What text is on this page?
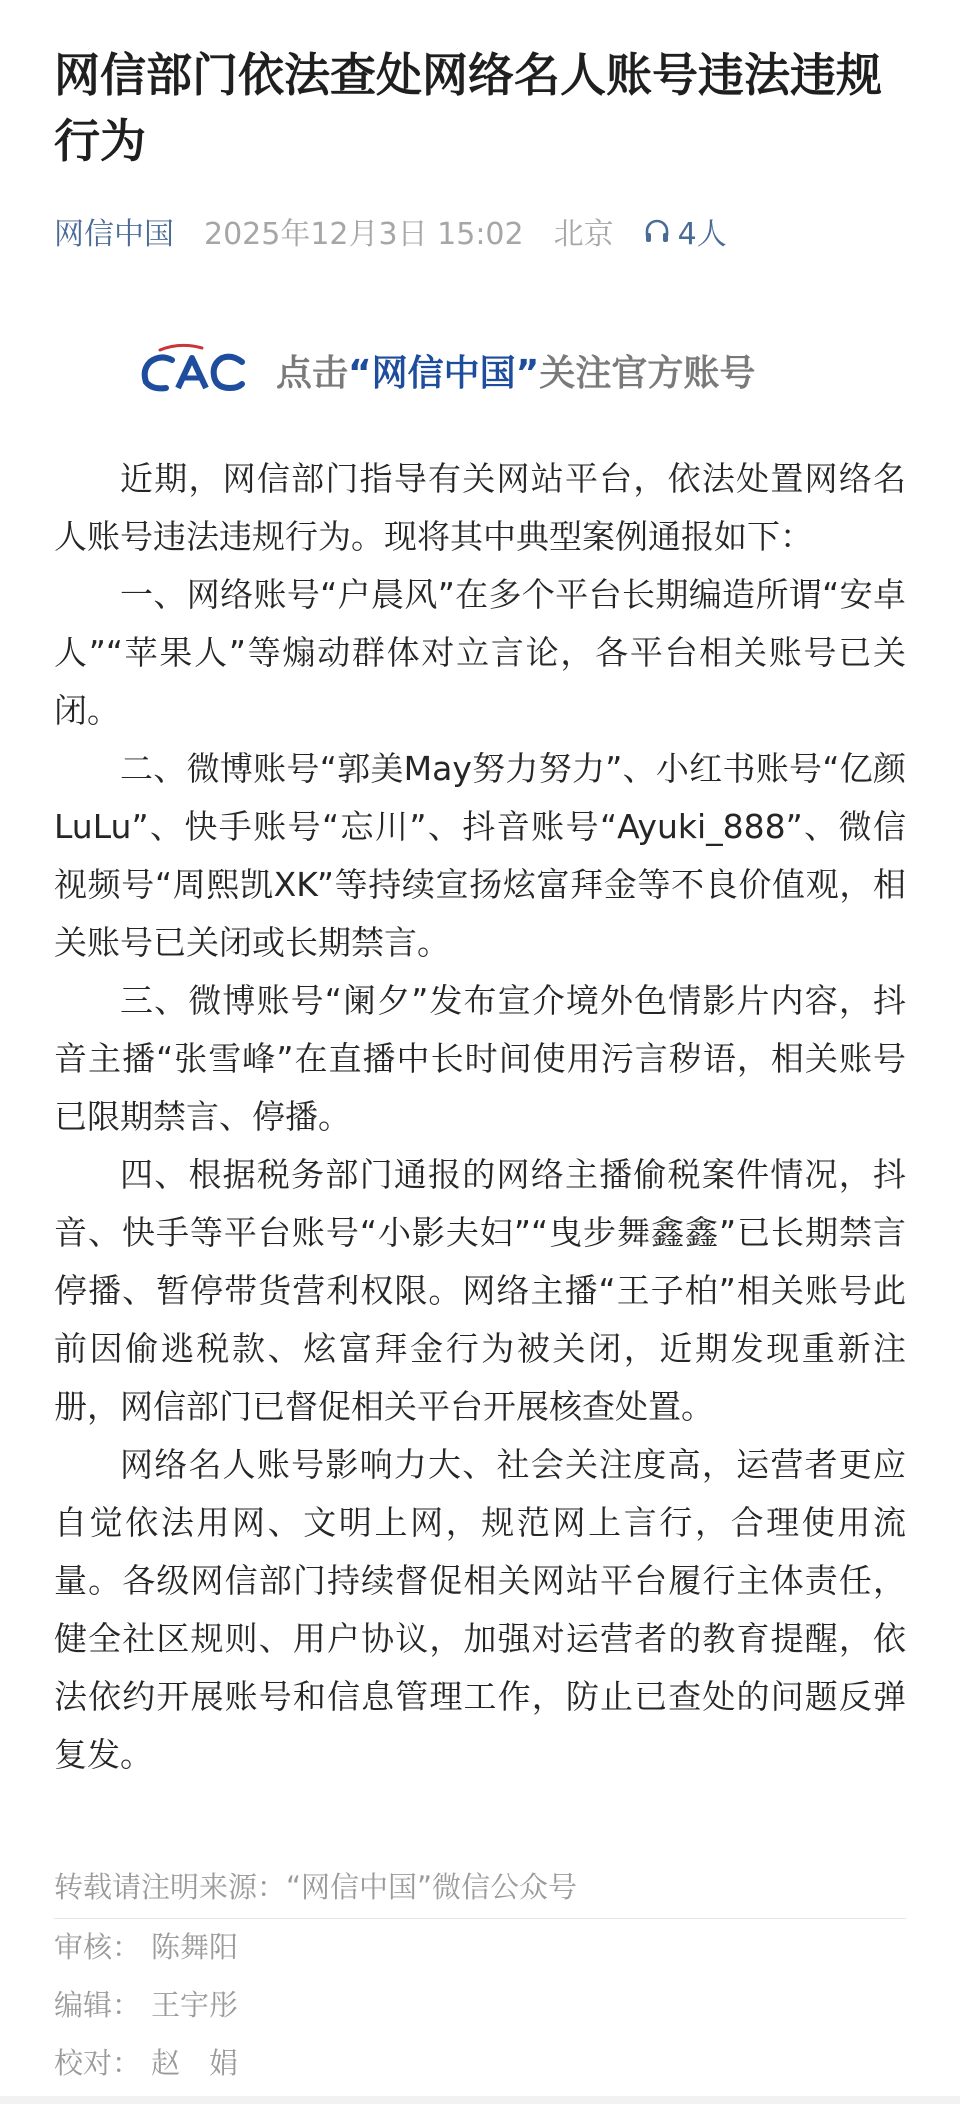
网信部门依法查处网络名人账号违法违规行为
网信中国 2025年12月3日 15:02 北京 4人
点击 “网信中国” 关注官方账号

近期，网信部门指导有关网站平台，依法处置网络名人账号违法违规行为。现将其中典型案例通报如下：

一、网络账号“户晨风”在多个平台长期编造所谓“安卓人”“苹果人”等煽动群体对立言论，各平台相关账号已关闭。

二、微博账号“郭美May努力努力”、小红书账号“亿颜LuLu”、快手账号“忘川”、抖音账号“Ayuki_888”、微信视频号“周熙凯XK”等持续宣扬炫富拜金等不良价值观，相关账号已关闭或长期禁言。

三、微博账号“阑夕”发布宣介境外色情影片内容，抖音主播“张雪峰”在直播中长时间使用污言秽语，相关账号已限期禁言、停播。

四、根据税务部门通报的网络主播偷税案件情况，抖音、快手等平台账号“小影夫妇”“曳步舞鑫鑫”已长期禁言停播、暂停带货营利权限。网络主播“王子柏”相关账号此前因偷逃税款、炫富拜金行为被关闭，近期发现重新注册，网信部门已督促相关平台开展核查处置。

网络名人账号影响力大、社会关注度高，运营者更应自觉依法用网、文明上网，规范网上言行，合理使用流量。各级网信部门持续督促相关网站平台履行主体责任，健全社区规则、用户协议，加强对运营者的教育提醒，依法依约开展账号和信息管理工作，防止已查处的问题反弹复发。

转载请注明来源：“网信中国”微信公众号
审核： 陈舞阳
编辑： 王宇彤
校对： 赵　娟
